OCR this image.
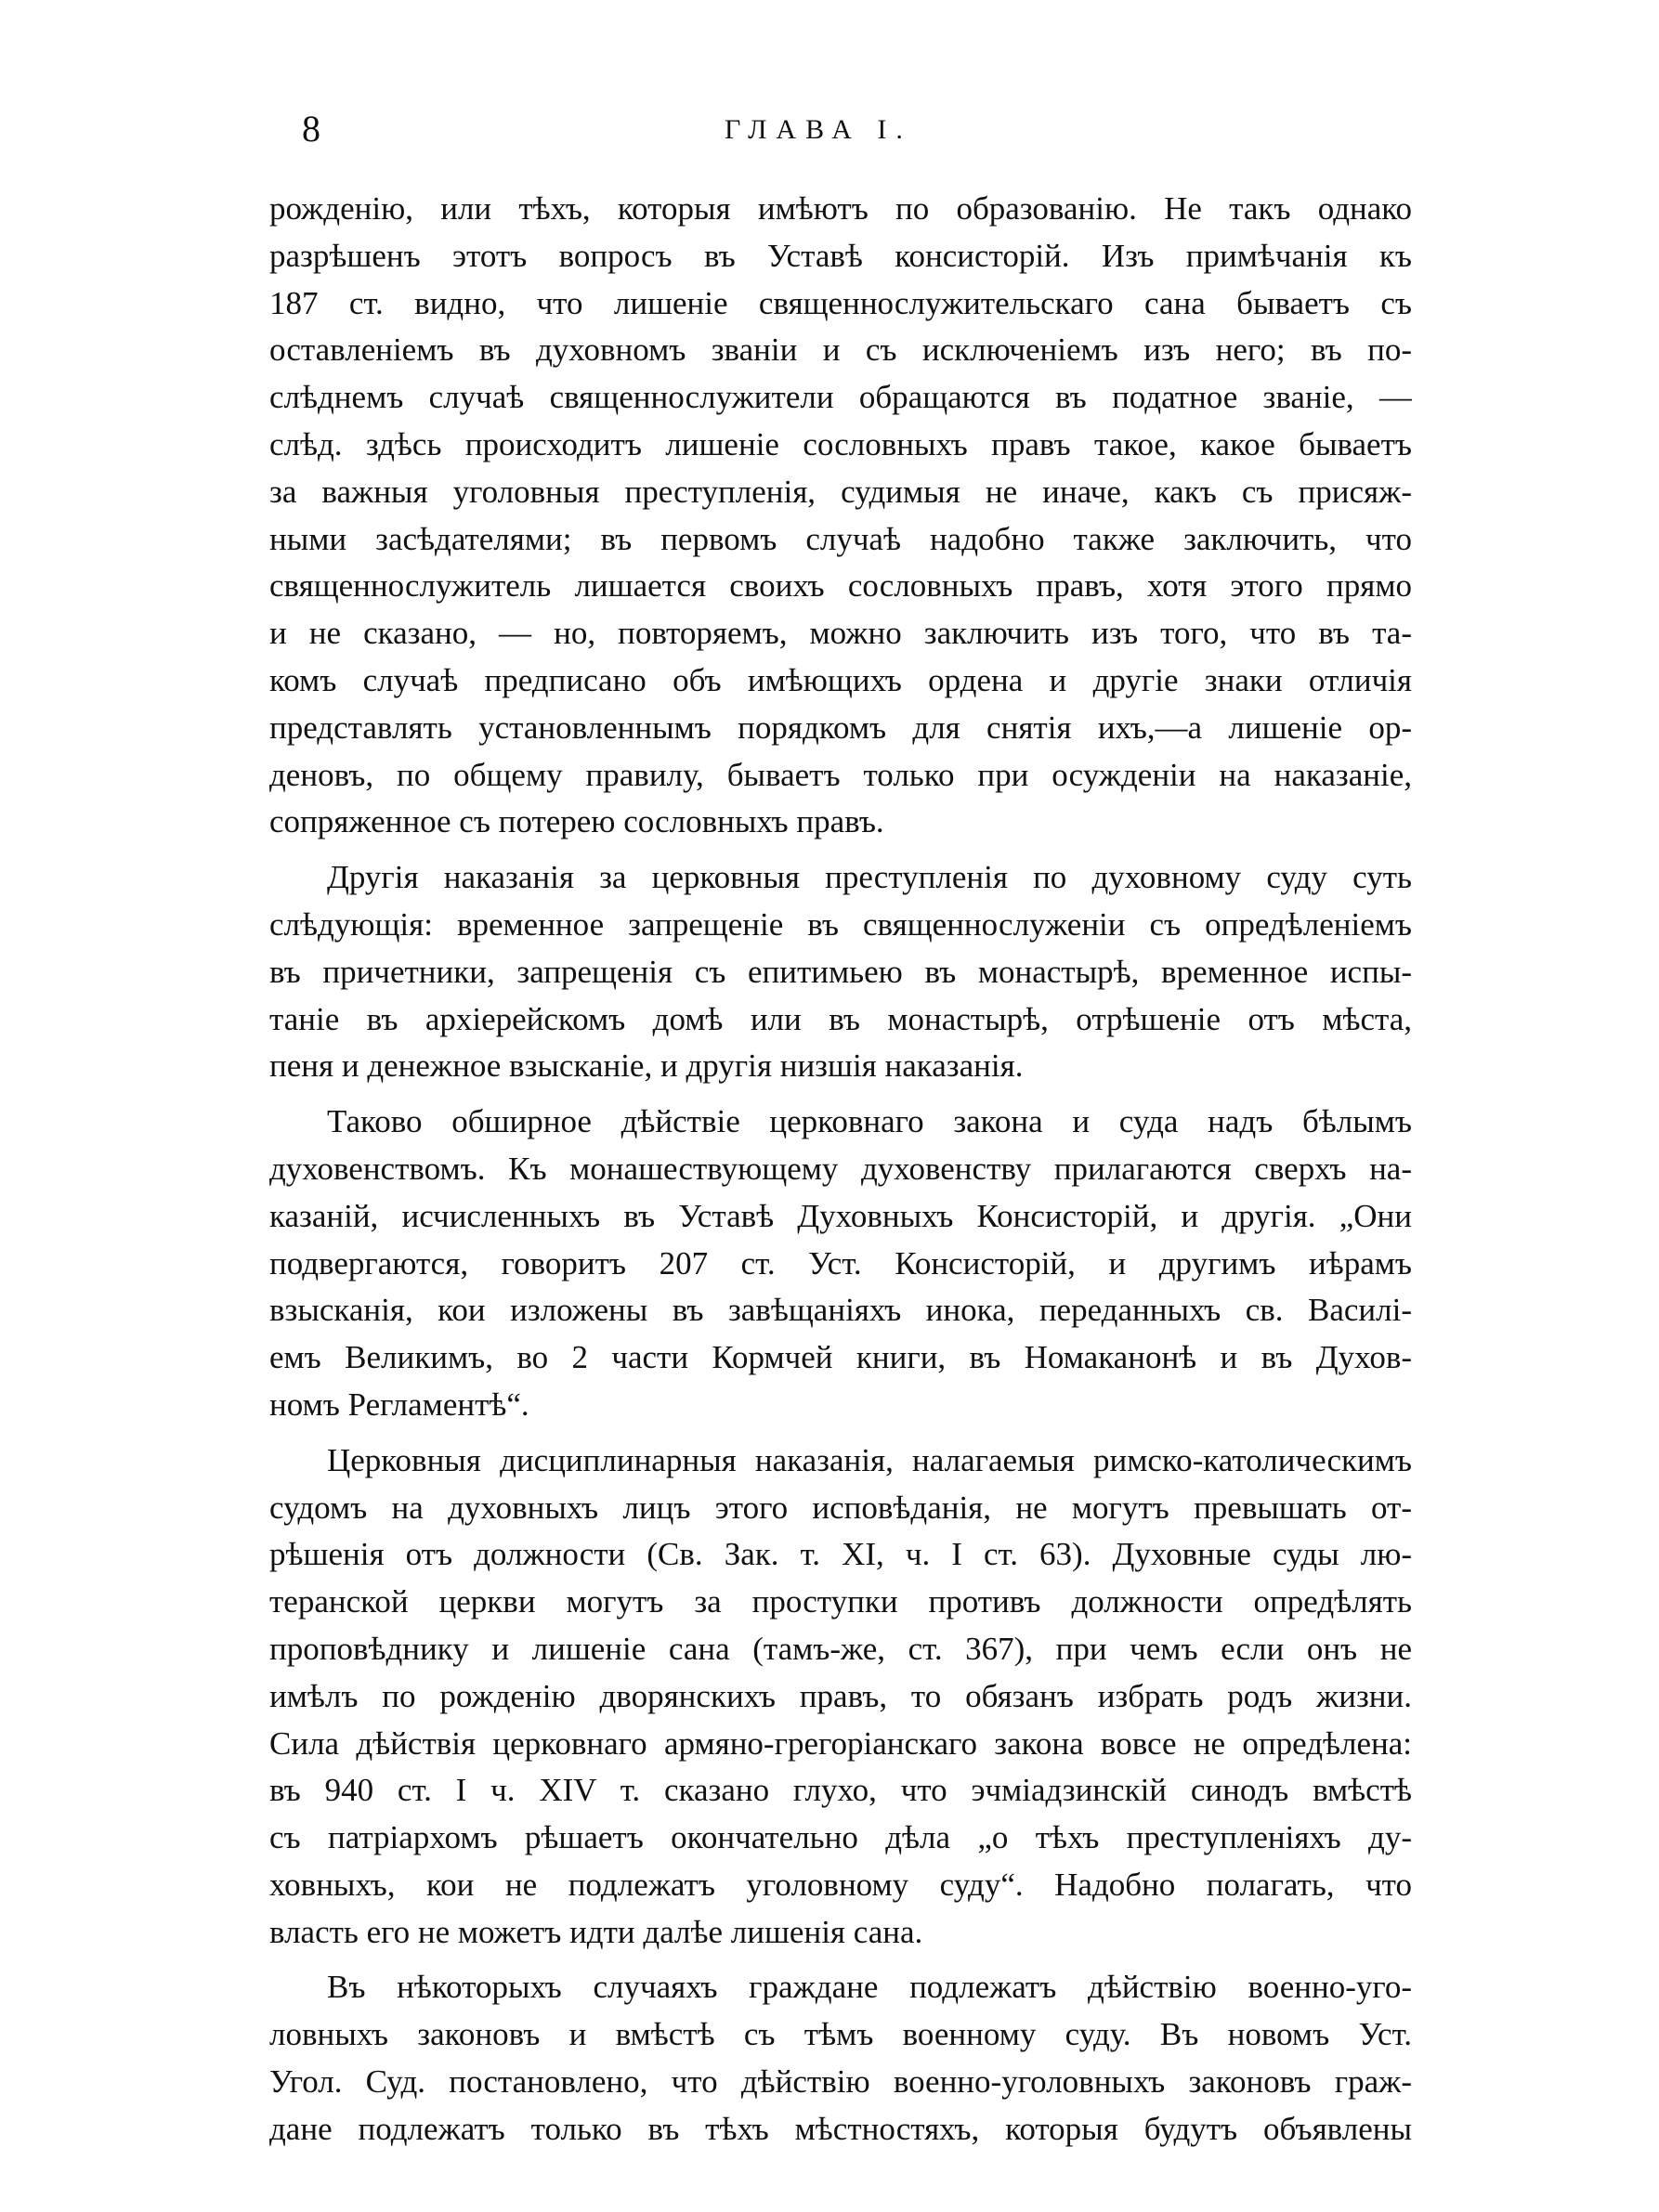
8	ГЛАВА I.
рожденію, или тѣхъ, которыя имѣютъ по образованію. Не такъ однако
разрѣшенъ этотъ вопросъ въ Уставѣ консисторій. Изъ примѣчанія къ
187 ст. видно, что лишеніе священнослужительскаго сана бываетъ съ
оставленіемъ въ духовномъ званіи и съ исключеніемъ изъ него; въ по-
слѣднемъ случаѣ священнослужители обращаются въ податное званіе, —
слѣд. здѣсь происходитъ лишеніе сословныхъ правъ такое, какое бываетъ
за важныя уголовныя преступленія, судимыя не иначе, какъ съ присяж-
ными засѣдателями; въ первомъ случаѣ надобно также заключить, что
священнослужитель лишается своихъ сословныхъ правъ, хотя этого прямо
и не сказано, — но, повторяемъ, можно заключить изъ того, что въ та-
комъ случаѣ предписано объ имѣющихъ ордена и другіе знаки отличія
представлять установленнымъ порядкомъ для снятія ихъ,—а лишеніе ор-
деновъ, по общему правилу, бываетъ только при осужденіи на наказаніе,
сопряженное съ потерею сословныхъ правъ.
Другія наказанія за церковныя преступленія по духовному суду суть
слѣдующія: временное запрещеніе въ священнослуженіи съ опредѣленіемъ
въ причетники, запрещенія съ епитимьею въ монастырѣ, временное испы-
таніе въ архіерейскомъ домѣ или въ монастырѣ, отрѣшеніе отъ мѣста,
пеня и денежное взысканіе, и другія низшія наказанія.
Таково обширное дѣйствіе церковнаго закона и суда надъ бѣлымъ
духовенствомъ. Къ монашествующему духовенству прилагаются сверхъ на-
казаній, исчисленныхъ въ Уставѣ Духовныхъ Консисторій, и другія. „Они
подвергаются, говоритъ 207 ст. Уст. Консисторій, и другимъ иѣрамъ
взысканія, кои изложены въ завѣщаніяхъ инока, переданныхъ св. Василі-
емъ Великимъ, во 2 части Кормчей книги, въ Номаканонѣ и въ Духов-
номъ Регламентѣ“.
Церковныя дисциплинарныя наказанія, налагаемыя римско-католическимъ
судомъ на духовныхъ лицъ этого исповѣданія, не могутъ превышать от-
рѣшенія отъ должности (Св. Зак. т. XI, ч. I ст. 63). Духовные суды лю-
теранской церкви могутъ за проступки противъ должности опредѣлять
проповѣднику и лишеніе сана (тамъ-же, ст. 367), при чемъ если онъ не
имѣлъ по рожденію дворянскихъ правъ, то обязанъ избрать родъ жизни.
Сила дѣйствія церковнаго армяно-грегоріанскаго закона вовсе не опредѣлена:
въ 940 ст. I ч. XIV т. сказано глухо, что эчміадзинскій синодъ вмѣстѣ
съ патріархомъ рѣшаетъ окончательно дѣла „о тѣхъ преступленіяхъ ду-
ховныхъ, кои не подлежатъ уголовному суду“. Надобно полагать, что
власть его не можетъ идти далѣе лишенія сана.
Въ нѣкоторыхъ случаяхъ граждане подлежатъ дѣйствію военно-уго-
ловныхъ законовъ и вмѣстѣ съ тѣмъ военному суду. Въ новомъ Уст.
Угол. Суд. постановлено, что дѣйствію военно-уголовныхъ законовъ граж-
дане подлежатъ только въ тѣхъ мѣстностяхъ, которыя будутъ объявлены
